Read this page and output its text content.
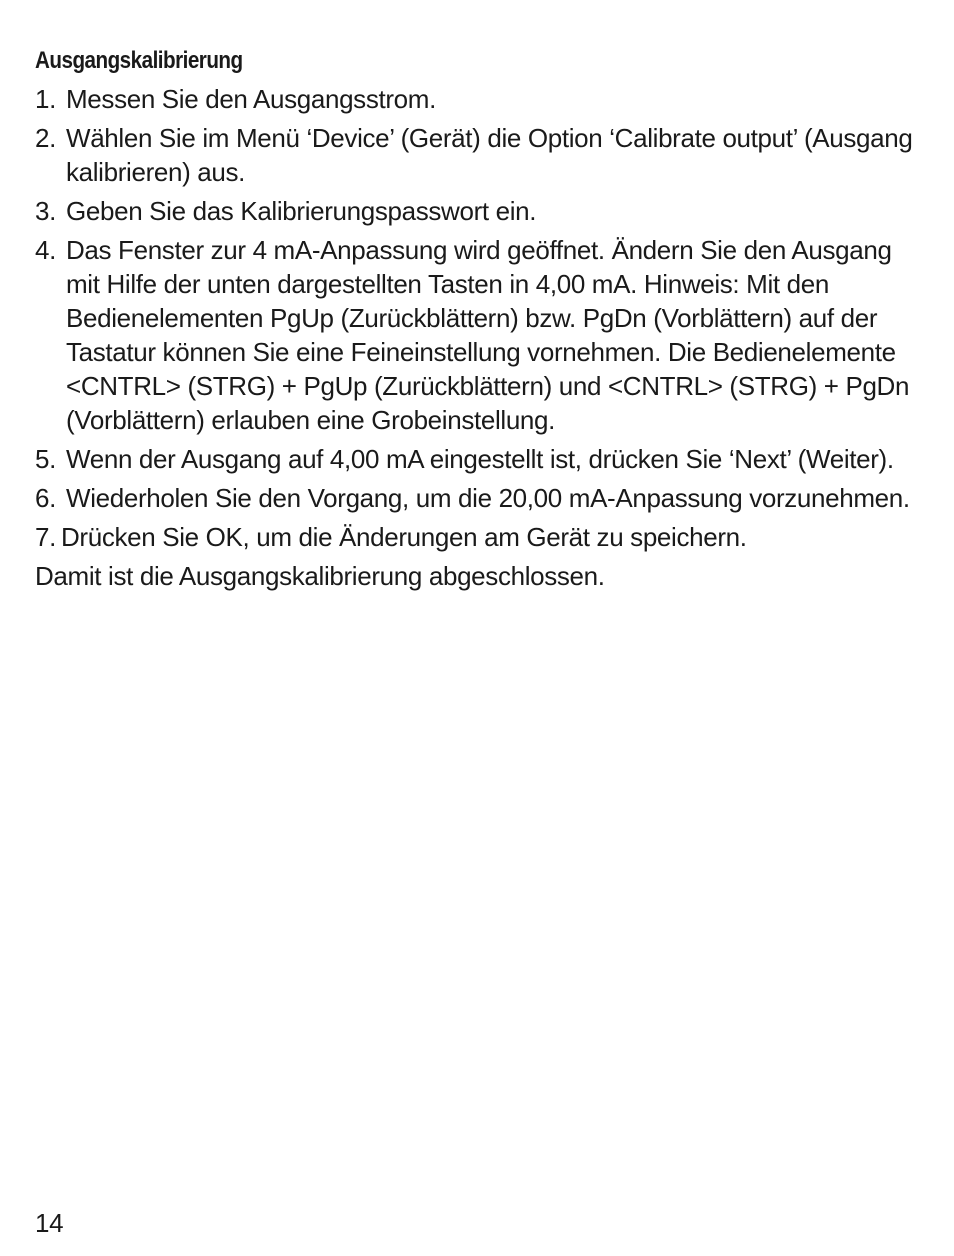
Ausgangskalibrierung
1. Messen Sie den Ausgangsstrom.
2. Wählen Sie im Menü ‘Device’ (Gerät) die Option ‘Calibrate output’ (Ausgang kalibrieren) aus.
3. Geben Sie das Kalibrierungspasswort ein.
4. Das Fenster zur 4 mA-Anpassung wird geöffnet. Ändern Sie den Ausgang mit Hilfe der unten dargestellten Tasten in 4,00 mA. Hinweis: Mit den Bedienelementen PgUp (Zurückblättern) bzw. PgDn (Vorblättern) auf der Tastatur können Sie eine Feineinstellung vornehmen. Die Bedienelemente <CNTRL> (STRG) + PgUp (Zurückblättern) und <CNTRL> (STRG) + PgDn (Vorblättern) erlauben eine Grobeinstellung.
5. Wenn der Ausgang auf 4,00 mA eingestellt ist, drücken Sie ‘Next’ (Weiter).
6. Wiederholen Sie den Vorgang, um die 20,00 mA-Anpassung vorzunehmen.
7. Drücken Sie OK, um die Änderungen am Gerät zu speichern.

Damit ist die Ausgangskalibrierung abgeschlossen.

14
